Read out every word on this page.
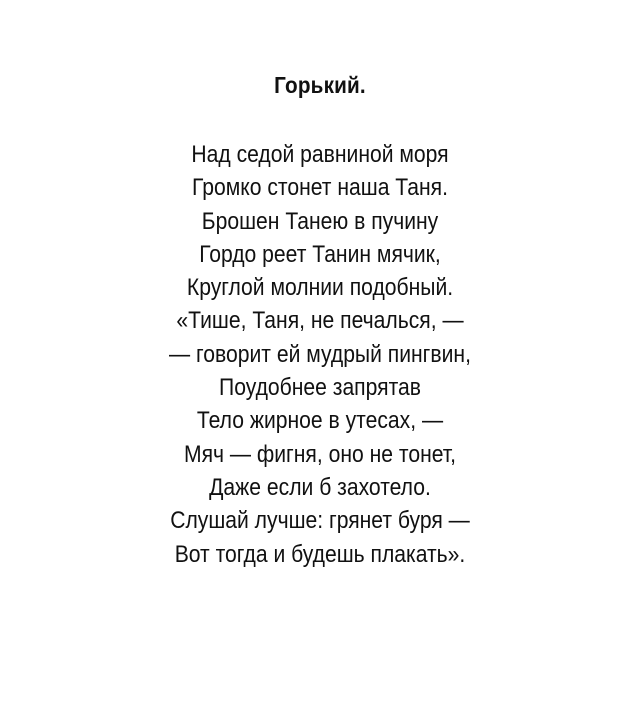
Горький.
Над седой равниной моря
Громко стонет наша Таня.
Брошен Танею в пучину
Гордо реет Танин мячик,
Круглой молнии подобный.
«Тише, Таня, не печалься, —
— говорит ей мудрый пингвин,
Поудобнее запрятав
Тело жирное в утесах, —
Мяч — фигня, оно не тонет,
Даже если б захотело.
Слушай лучше: грянет буря —
Вот тогда и будешь плакать».
